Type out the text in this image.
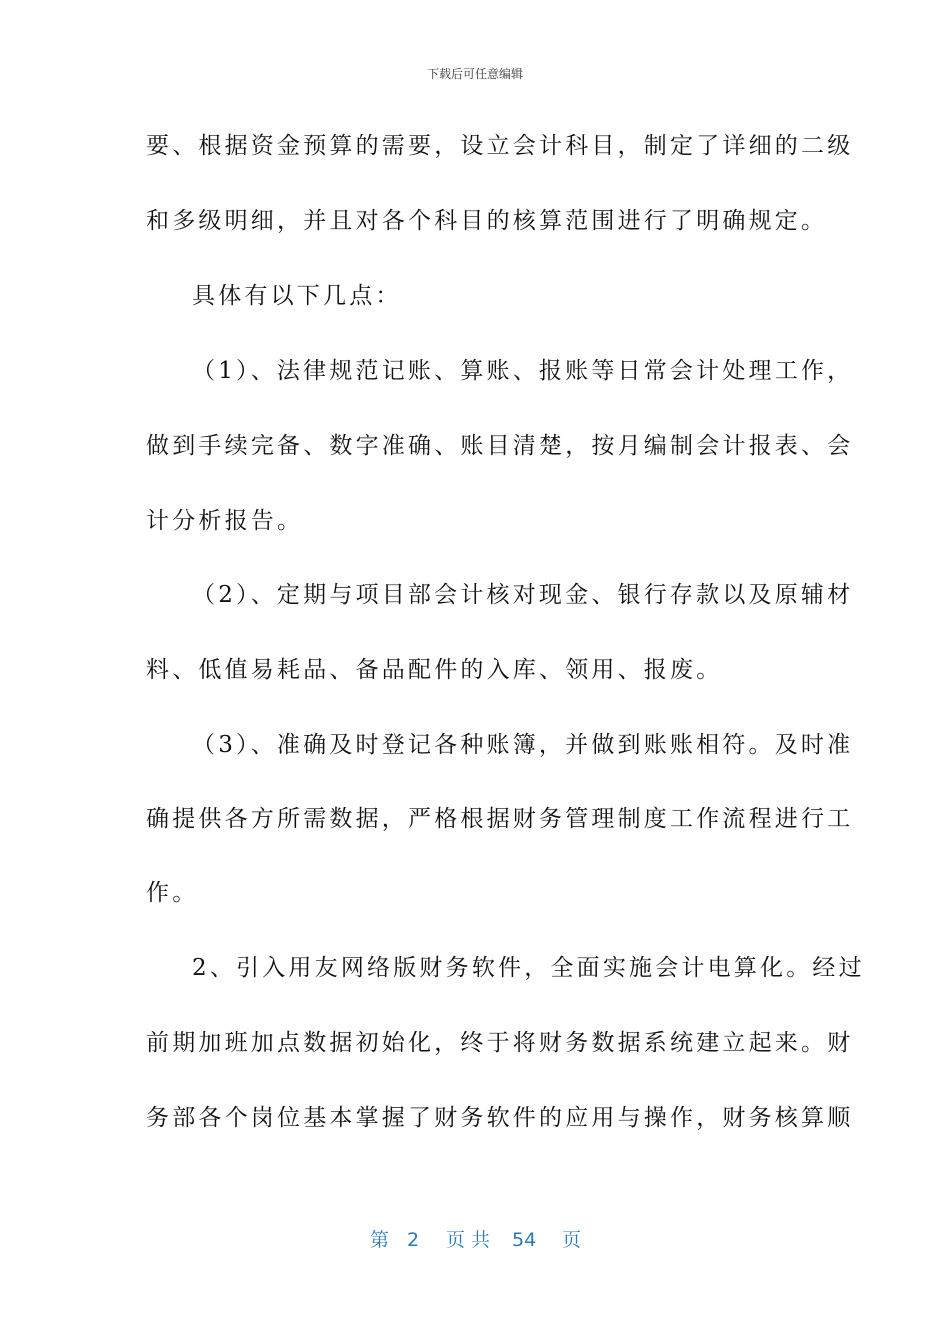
下载后可任意编辑
要、根据资金预算的需要，设立会计科目，制定了详细的二级
和多级明细，并且对各个科目的核算范围进行了明确规定。
具体有以下几点：
（1）、法律规范记账、算账、报账等日常会计处理工作，
做到手续完备、数字准确、账目清楚，按月编制会计报表、会
计分析报告。
（2）、定期与项目部会计核对现金、银行存款以及原辅材
料、低值易耗品、备品配件的入库、领用、报废。
（3）、准确及时登记各种账簿，并做到账账相符。及时准
确提供各方所需数据，严格根据财务管理制度工作流程进行工
作。
2、引入用友网络版财务软件，全面实施会计电算化。经过
前期加班加点数据初始化，终于将财务数据系统建立起来。财
务部各个岗位基本掌握了财务软件的应用与操作，财务核算顺
第 2 页 共 54 页
